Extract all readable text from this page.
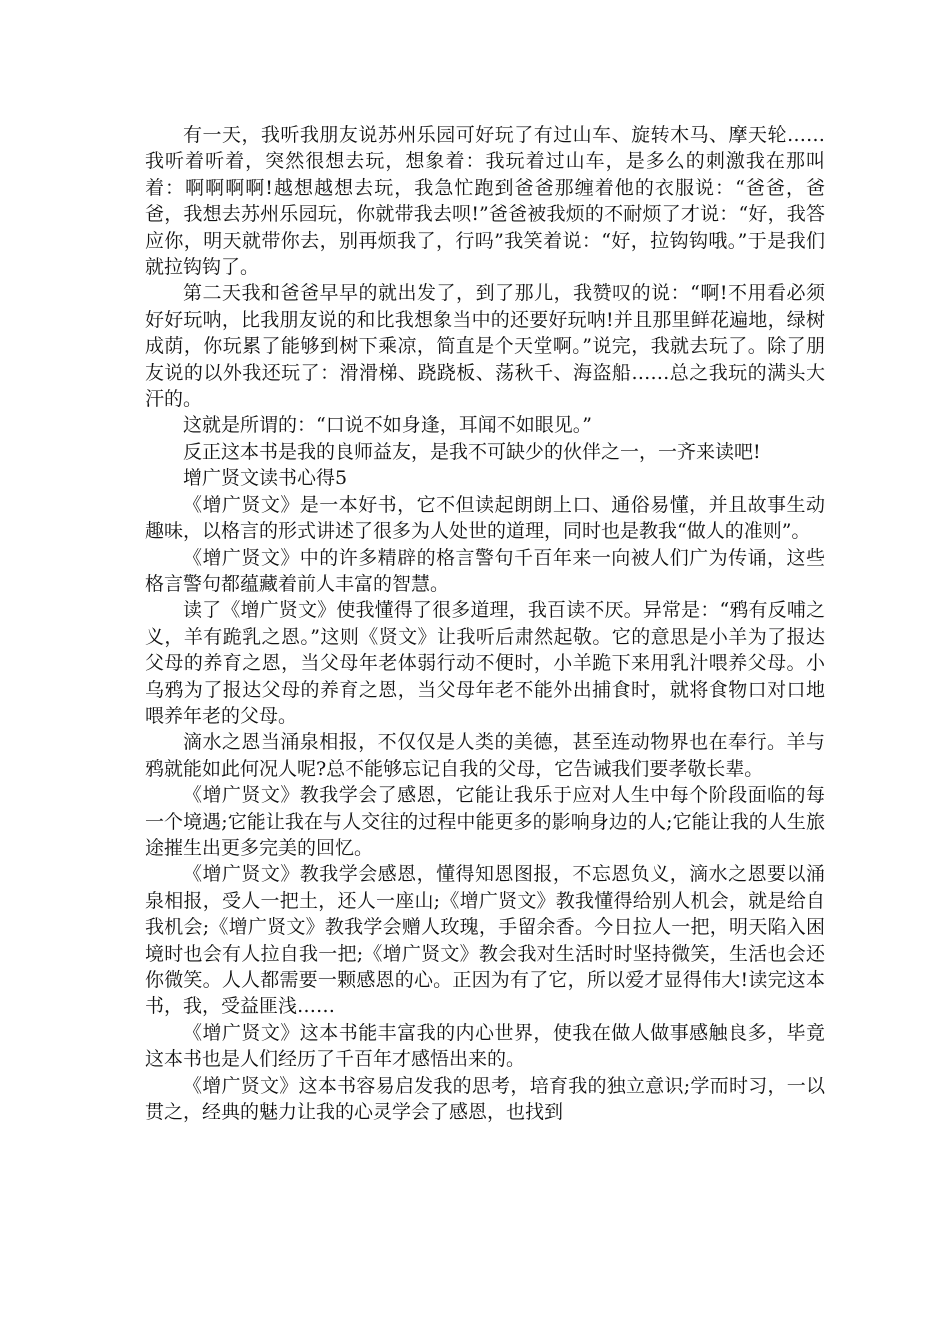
有一天，我听我朋友说苏州乐园可好玩了有过山车、旋转木马、摩天轮……我听着听着，突然很想去玩，想象着：我玩着过山车，是多么的刺激我在那叫着：啊啊啊啊!越想越想去玩，我急忙跑到爸爸那缠着他的衣服说：“爸爸，爸爸，我想去苏州乐园玩，你就带我去呗!”爸爸被我烦的不耐烦了才说：“好，我答应你，明天就带你去，别再烦我了，行吗”我笑着说：“好，拉钩钩哦。”于是我们就拉钩钩了。

第二天我和爸爸早早的就出发了，到了那儿，我赞叹的说：“啊!不用看必须好好玩呐，比我朋友说的和比我想象当中的还要好玩呐!并且那里鲜花遍地，绿树成荫，你玩累了能够到树下乘凉，简直是个天堂啊。”说完，我就去玩了。除了朋友说的以外我还玩了：滑滑梯、跷跷板、荡秋千、海盗船……总之我玩的满头大汗的。

这就是所谓的：“口说不如身逢，耳闻不如眼见。”

反正这本书是我的良师益友，是我不可缺少的伙伴之一，一齐来读吧!

增广贤文读书心得5

《增广贤文》是一本好书，它不但读起朗朗上口、通俗易懂，并且故事生动趣味，以格言的形式讲述了很多为人处世的道理，同时也是教我“做人的准则”。

《增广贤文》中的许多精辟的格言警句千百年来一向被人们广为传诵，这些格言警句都蕴藏着前人丰富的智慧。

读了《增广贤文》使我懂得了很多道理，我百读不厌。异常是：“鸦有反哺之义，羊有跪乳之恩。”这则《贤文》让我听后肃然起敬。它的意思是小羊为了报达父母的养育之恩，当父母年老体弱行动不便时，小羊跪下来用乳汁喂养父母。小乌鸦为了报达父母的养育之恩，当父母年老不能外出捕食时，就将食物口对口地喂养年老的父母。

滴水之恩当涌泉相报，不仅仅是人类的美德，甚至连动物界也在奉行。羊与鸦就能如此何况人呢?总不能够忘记自我的父母，它告诫我们要孝敬长辈。

《增广贤文》教我学会了感恩，它能让我乐于应对人生中每个阶段面临的每一个境遇;它能让我在与人交往的过程中能更多的影响身边的人;它能让我的人生旅途摧生出更多完美的回忆。

《增广贤文》教我学会感恩，懂得知恩图报，不忘恩负义，滴水之恩要以涌泉相报，受人一把土，还人一座山;《增广贤文》教我懂得给别人机会，就是给自我机会;《增广贤文》教我学会赠人玫瑰，手留余香。今日拉人一把，明天陷入困境时也会有人拉自我一把;《增广贤文》教会我对生活时时坚持微笑，生活也会还你微笑。人人都需要一颗感恩的心。正因为有了它，所以爱才显得伟大!读完这本书，我，受益匪浅……

《增广贤文》这本书能丰富我的内心世界，使我在做人做事感触良多，毕竟这本书也是人们经历了千百年才感悟出来的。

《增广贤文》这本书容易启发我的思考，培育我的独立意识;学而时习，一以贯之，经典的魅力让我的心灵学会了感恩，也找到
